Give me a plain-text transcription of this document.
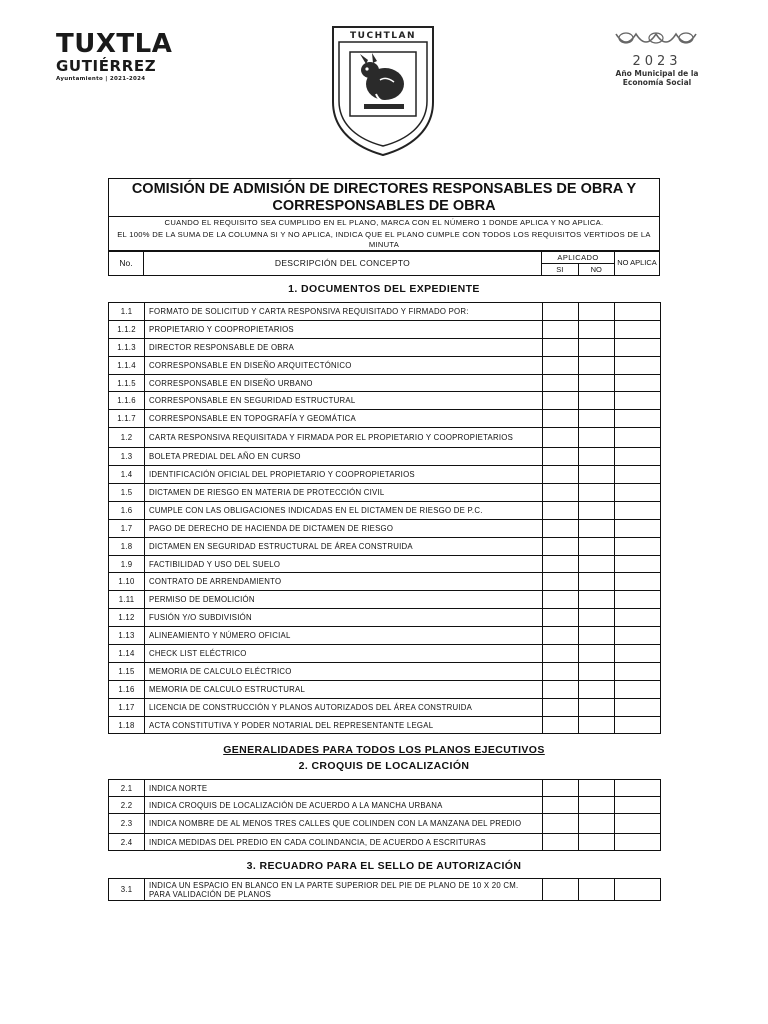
TUXTLA
GUTIÉRREZ
Ayuntamiento | 2021-2024
TUCHTLAN
2023
Año Municipal de la
Economía Social
COMISIÓN DE ADMISIÓN DE DIRECTORES RESPONSABLES DE OBRA Y CORRESPONSABLES DE OBRA
CUANDO EL REQUISITO SEA CUMPLIDO EN EL PLANO, MARCA CON EL NÚMERO 1 DONDE APLICA Y NO APLICA.
EL 100% DE LA SUMA DE LA COLUMNA SI Y NO APLICA, INDICA QUE EL PLANO CUMPLE CON TODOS LOS REQUISITOS VERTIDOS DE LA MINUTA
No.	DESCRIPCIÓN DEL CONCEPTO
APLICADO
SI	NO
NO APLICA
1. DOCUMENTOS DEL EXPEDIENTE
1.1	FORMATO DE SOLICITUD Y CARTA RESPONSIVA REQUISITADO Y FIRMADO POR:			
1.1.2	PROPIETARIO Y COOPROPIETARIOS			
1.1.3	DIRECTOR RESPONSABLE DE OBRA			
1.1.4	CORRESPONSABLE EN DISEÑO ARQUITECTÓNICO			
1.1.5	CORRESPONSABLE EN DISEÑO URBANO			
1.1.6	CORRESPONSABLE EN SEGURIDAD ESTRUCTURAL			
1.1.7	CORRESPONSABLE EN TOPOGRAFÍA Y GEOMÁTICA			
1.2	CARTA RESPONSIVA REQUISITADA Y FIRMADA POR EL PROPIETARIO Y COOPROPIETARIOS			
1.3	BOLETA PREDIAL DEL AÑO EN CURSO			
1.4	IDENTIFICACIÓN OFICIAL DEL PROPIETARIO Y COOPROPIETARIOS			
1.5	DICTAMEN DE RIESGO EN MATERIA DE PROTECCIÓN CIVIL			
1.6	CUMPLE CON LAS OBLIGACIONES INDICADAS EN EL DICTAMEN DE RIESGO DE P.C.			
1.7	PAGO DE DERECHO DE HACIENDA DE DICTAMEN DE RIESGO			
1.8	DICTAMEN EN SEGURIDAD ESTRUCTURAL DE ÁREA CONSTRUIDA			
1.9	FACTIBILIDAD Y USO DEL SUELO			
1.10	CONTRATO DE ARRENDAMIENTO			
1.11	PERMISO DE DEMOLICIÓN			
1.12	FUSIÓN Y/O SUBDIVISIÓN			
1.13	ALINEAMIENTO Y NÚMERO OFICIAL			
1.14	CHECK LIST ELÉCTRICO			
1.15	MEMORIA DE CALCULO ELÉCTRICO			
1.16	MEMORIA DE CALCULO ESTRUCTURAL			
1.17	LICENCIA DE CONSTRUCCIÓN Y PLANOS AUTORIZADOS DEL ÁREA CONSTRUIDA			
1.18	ACTA CONSTITUTIVA Y PODER NOTARIAL DEL REPRESENTANTE LEGAL			
GENERALIDADES PARA TODOS LOS PLANOS EJECUTIVOS
2. CROQUIS DE LOCALIZACIÓN
2.1	INDICA NORTE			
2.2	INDICA CROQUIS DE LOCALIZACIÓN DE ACUERDO A LA MANCHA URBANA			
2.3	INDICA NOMBRE DE AL MENOS TRES CALLES QUE COLINDEN CON LA MANZANA DEL PREDIO			
2.4	INDICA MEDIDAS DEL PREDIO EN CADA COLINDANCIA, DE ACUERDO A ESCRITURAS			
3. RECUADRO PARA EL SELLO DE AUTORIZACIÓN
3.1	INDICA UN ESPACIO EN BLANCO EN LA PARTE SUPERIOR DEL PIE DE PLANO DE 10 X 20 CM. PARA VALIDACIÓN DE PLANOS			
